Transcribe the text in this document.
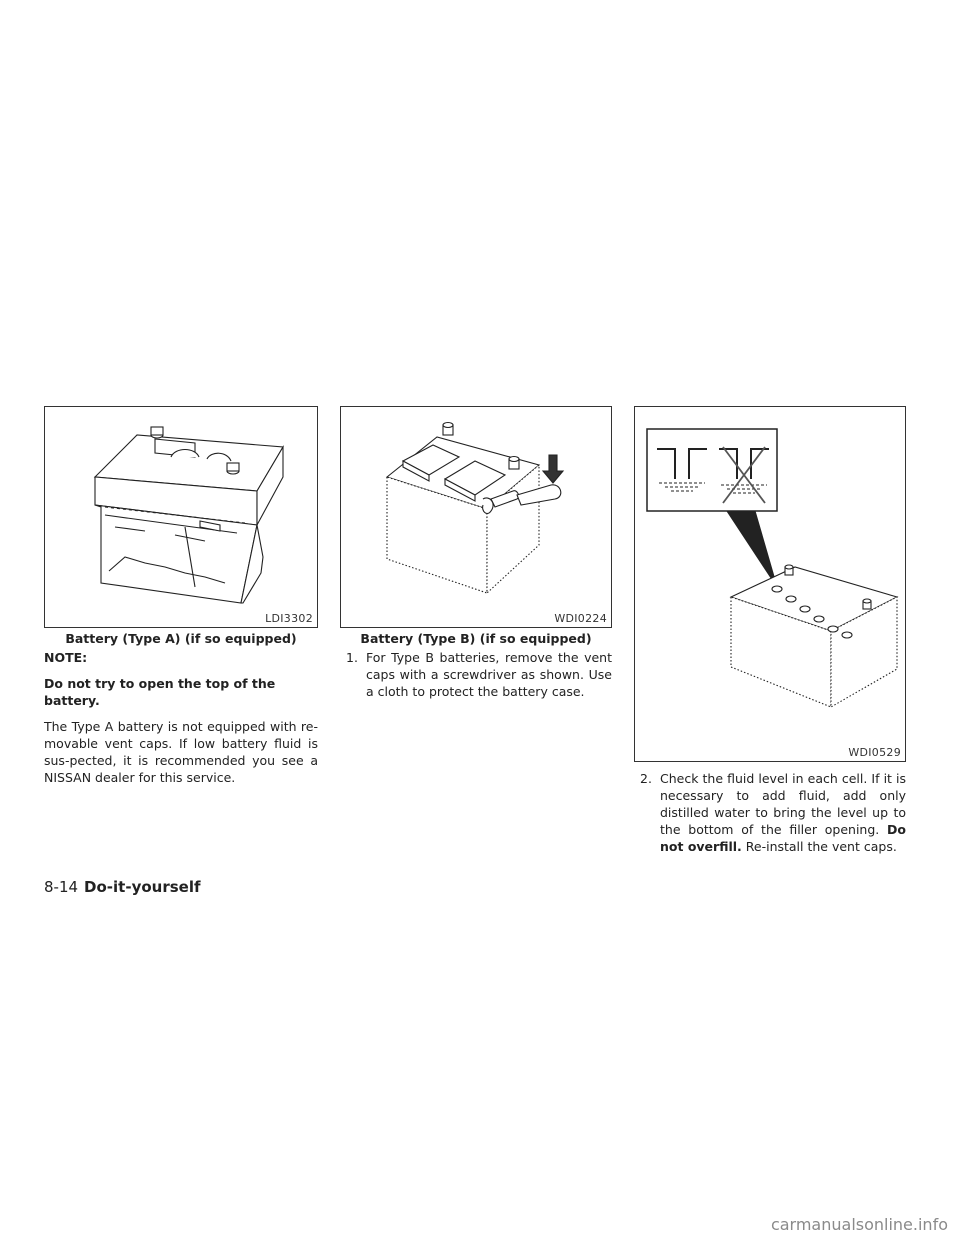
LDI3302
Battery (Type A) (if so equipped)
WDI0224
Battery (Type B) (if so equipped)
WDI0529

NOTE:

Do not try to open the top of the battery.

The Type A battery is not equipped with re-movable vent caps. If low battery fluid is sus-pected, it is recommended you see a NISSAN dealer for this service.

1. For Type B batteries, remove the vent caps with a screwdriver as shown. Use a cloth to protect the battery case.
2. Check the fluid level in each cell. If it is necessary to add fluid, add only distilled water to bring the level up to the bottom of the filler opening. Do not overfill. Re-install the vent caps.
8-14 Do-it-yourself
carmanualsonline.info
